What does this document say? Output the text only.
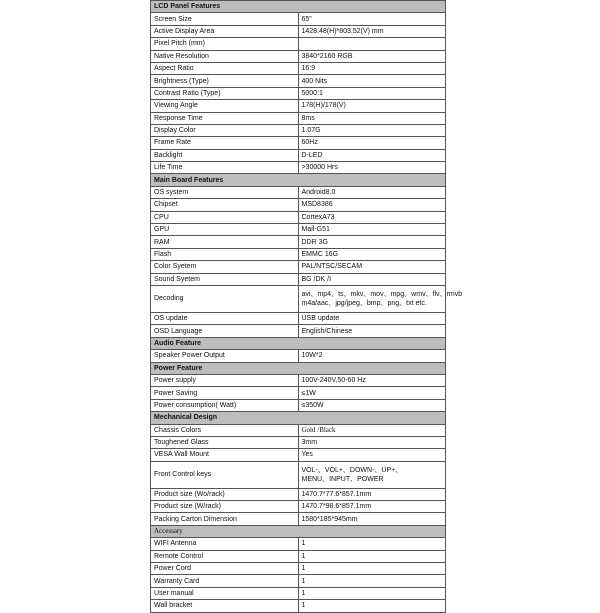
LCD Panel Features	
Screen Size	65"
Active Display Area	1428.48(H)*803.52(V) mm
Pixel Pitch (mm)	
Native Resolution	3840*2160 RGB
Aspect Ratio	16:9
Brightness (Type)	400 Nits
Contrast Ratio (Type)	5000:1
Viewing Angle	178(H)/178(V)
Response Time	8ms
Display Color	1.07G
Frame Rate	60Hz
Backlight	D-LED
Life Time	>30000 Hrs
Main Board Features	
OS system	Android8.0
Chipset	MSD8386
CPU	CortexA73
GPU	Mail-G51
RAM	DDR 3G
Flash	EMMC 16G
Color Syetem	PAL/NTSC/SECAM
Sound Syetem	BG /DK /I
Decoding	avi、mp4、ts、mkv、mov、mpg、wmv、flv、rmvb
m4a/aac、jpg/jpeg、bmp、png、txt etc.

OS update	USB update
OSD Language	English/Chinese
Audio Feature	
Speaker Power Output	10W*2
Power Feature	
Power supply	100V-240V,50-60 Hz
Power Saving	≤1W
Power consumption( Watt)	≤350W
Mechanical Design	
Chassis Colors	Gold /Black
Toughened Glass	3mm
VESA Wall Mount	Yes
Front Control keys	VOL-、VOL+、DOWN-、UP+、
MENU、INPUT、POWER

Product size (Wo/rack)	1470.7*77.6*857.1mm
Product size (W/rack)	1470.7*98.6*857.1mm
Packing Carton Dimension	1580*185*945mm
Accessary	
WIFI Antenna	1
Remote Control	1
Power Cord	1
Warranty Card	1
User manual	1
Wall bracket	1
